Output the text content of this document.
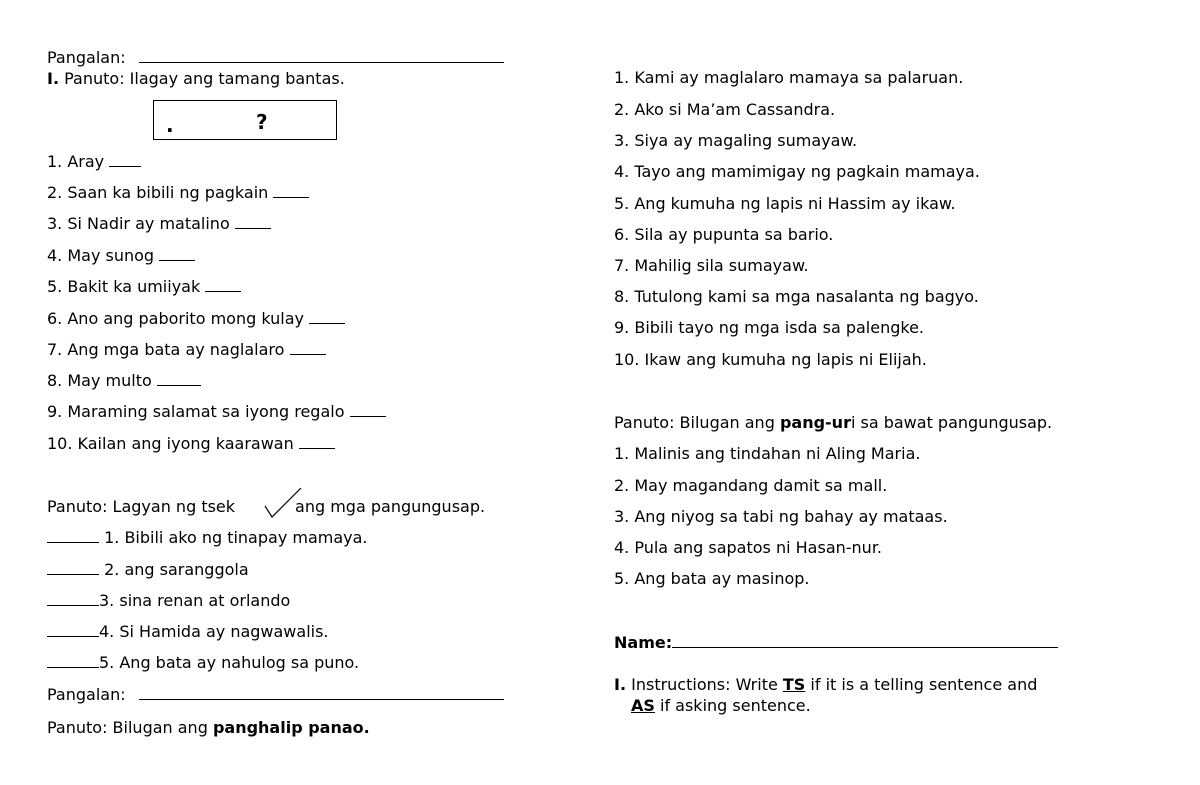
Pangalan:
I. Panuto: Ilagay ang tamang bantas.
.	?
1. Aray
2. Saan ka bibili ng pagkain
3. Si Nadir ay matalino
4. May sunog
5. Bakit ka umiiyak
6. Ano ang paborito mong kulay
7. Ang mga bata ay naglalaro
8. May multo
9. Maraming salamat sa iyong regalo
10. Kailan ang iyong kaarawan
Panuto: Lagyan ng tsek	ang mga pangungusap.
1. Bibili ako ng tinapay mamaya.
2. ang saranggola
3. sina renan at orlando
4. Si Hamida ay nagwawalis.
5. Ang bata ay nahulog sa puno.
Pangalan:
Panuto: Bilugan ang panghalip panao.
1. Kami ay maglalaro mamaya sa palaruan.
2. Ako si Ma’am Cassandra.
3. Siya ay magaling sumayaw.
4. Tayo ang mamimigay ng pagkain mamaya.
5. Ang kumuha ng lapis ni Hassim ay ikaw.
6. Sila ay pupunta sa bario.
7. Mahilig sila sumayaw.
8. Tutulong kami sa mga nasalanta ng bagyo.
9. Bibili tayo ng mga isda sa palengke.
10. Ikaw ang kumuha ng lapis ni Elijah.
Panuto: Bilugan ang pang-uri sa bawat pangungusap.
1. Malinis ang tindahan ni Aling Maria.
2. May magandang damit sa mall.
3. Ang niyog sa tabi ng bahay ay mataas.
4. Pula ang sapatos ni Hasan-nur.
5. Ang bata ay masinop.
Name:
I. Instructions: Write TS if it is a telling sentence and
AS if asking sentence.
